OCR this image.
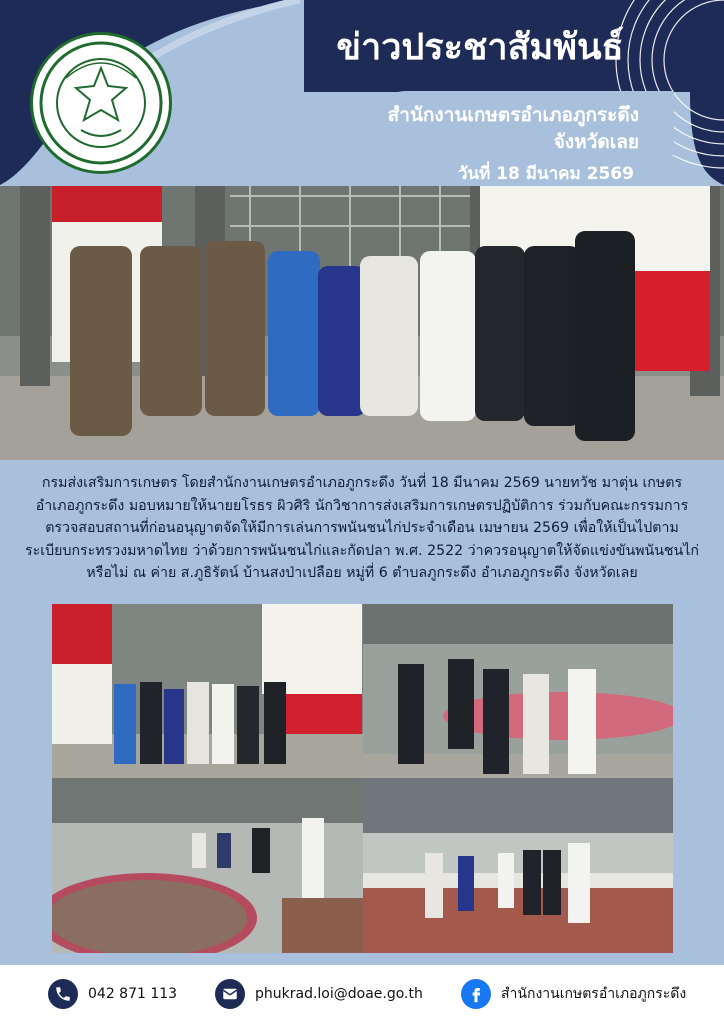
ข่าวประชาสัมพันธ์
สำนักงานเกษตรอำเภอภูกระดึง
จังหวัดเลย
วันที่ 18 มีนาคม 2569
กรมส่งเสริมการเกษตร โดยสำนักงานเกษตรอำเภอภูกระดึง วันที่ 18 มีนาคม 2569 นายทวัช มาตุ่น เกษตร
อำเภอภูกระดึง มอบหมายให้นายยโรธร ผิวศิริ นักวิชาการส่งเสริมการเกษตรปฏิบัติการ ร่วมกับคณะกรรมการ
ตรวจสอบสถานที่ก่อนอนุญาตจัดให้มีการเล่นการพนันชนไก่ประจำเดือน เมษายน 2569 เพื่อให้เป็นไปตาม
ระเบียบกระทรวงมหาดไทย ว่าด้วยการพนันชนไก่และกัดปลา พ.ศ. 2522 ว่าควรอนุญาตให้จัดแข่งขันพนันชนไก่
หรือไม่ ณ ค่าย ส.ภูธิรัตน์ บ้านสงป่าเปลือย หมู่ที่ 6 ตำบลภูกระดึง อำเภอภูกระดึง จังหวัดเลย
042 871 113	phukrad.loi@doae.go.th	สำนักงานเกษตรอำเภอภูกระดึง
